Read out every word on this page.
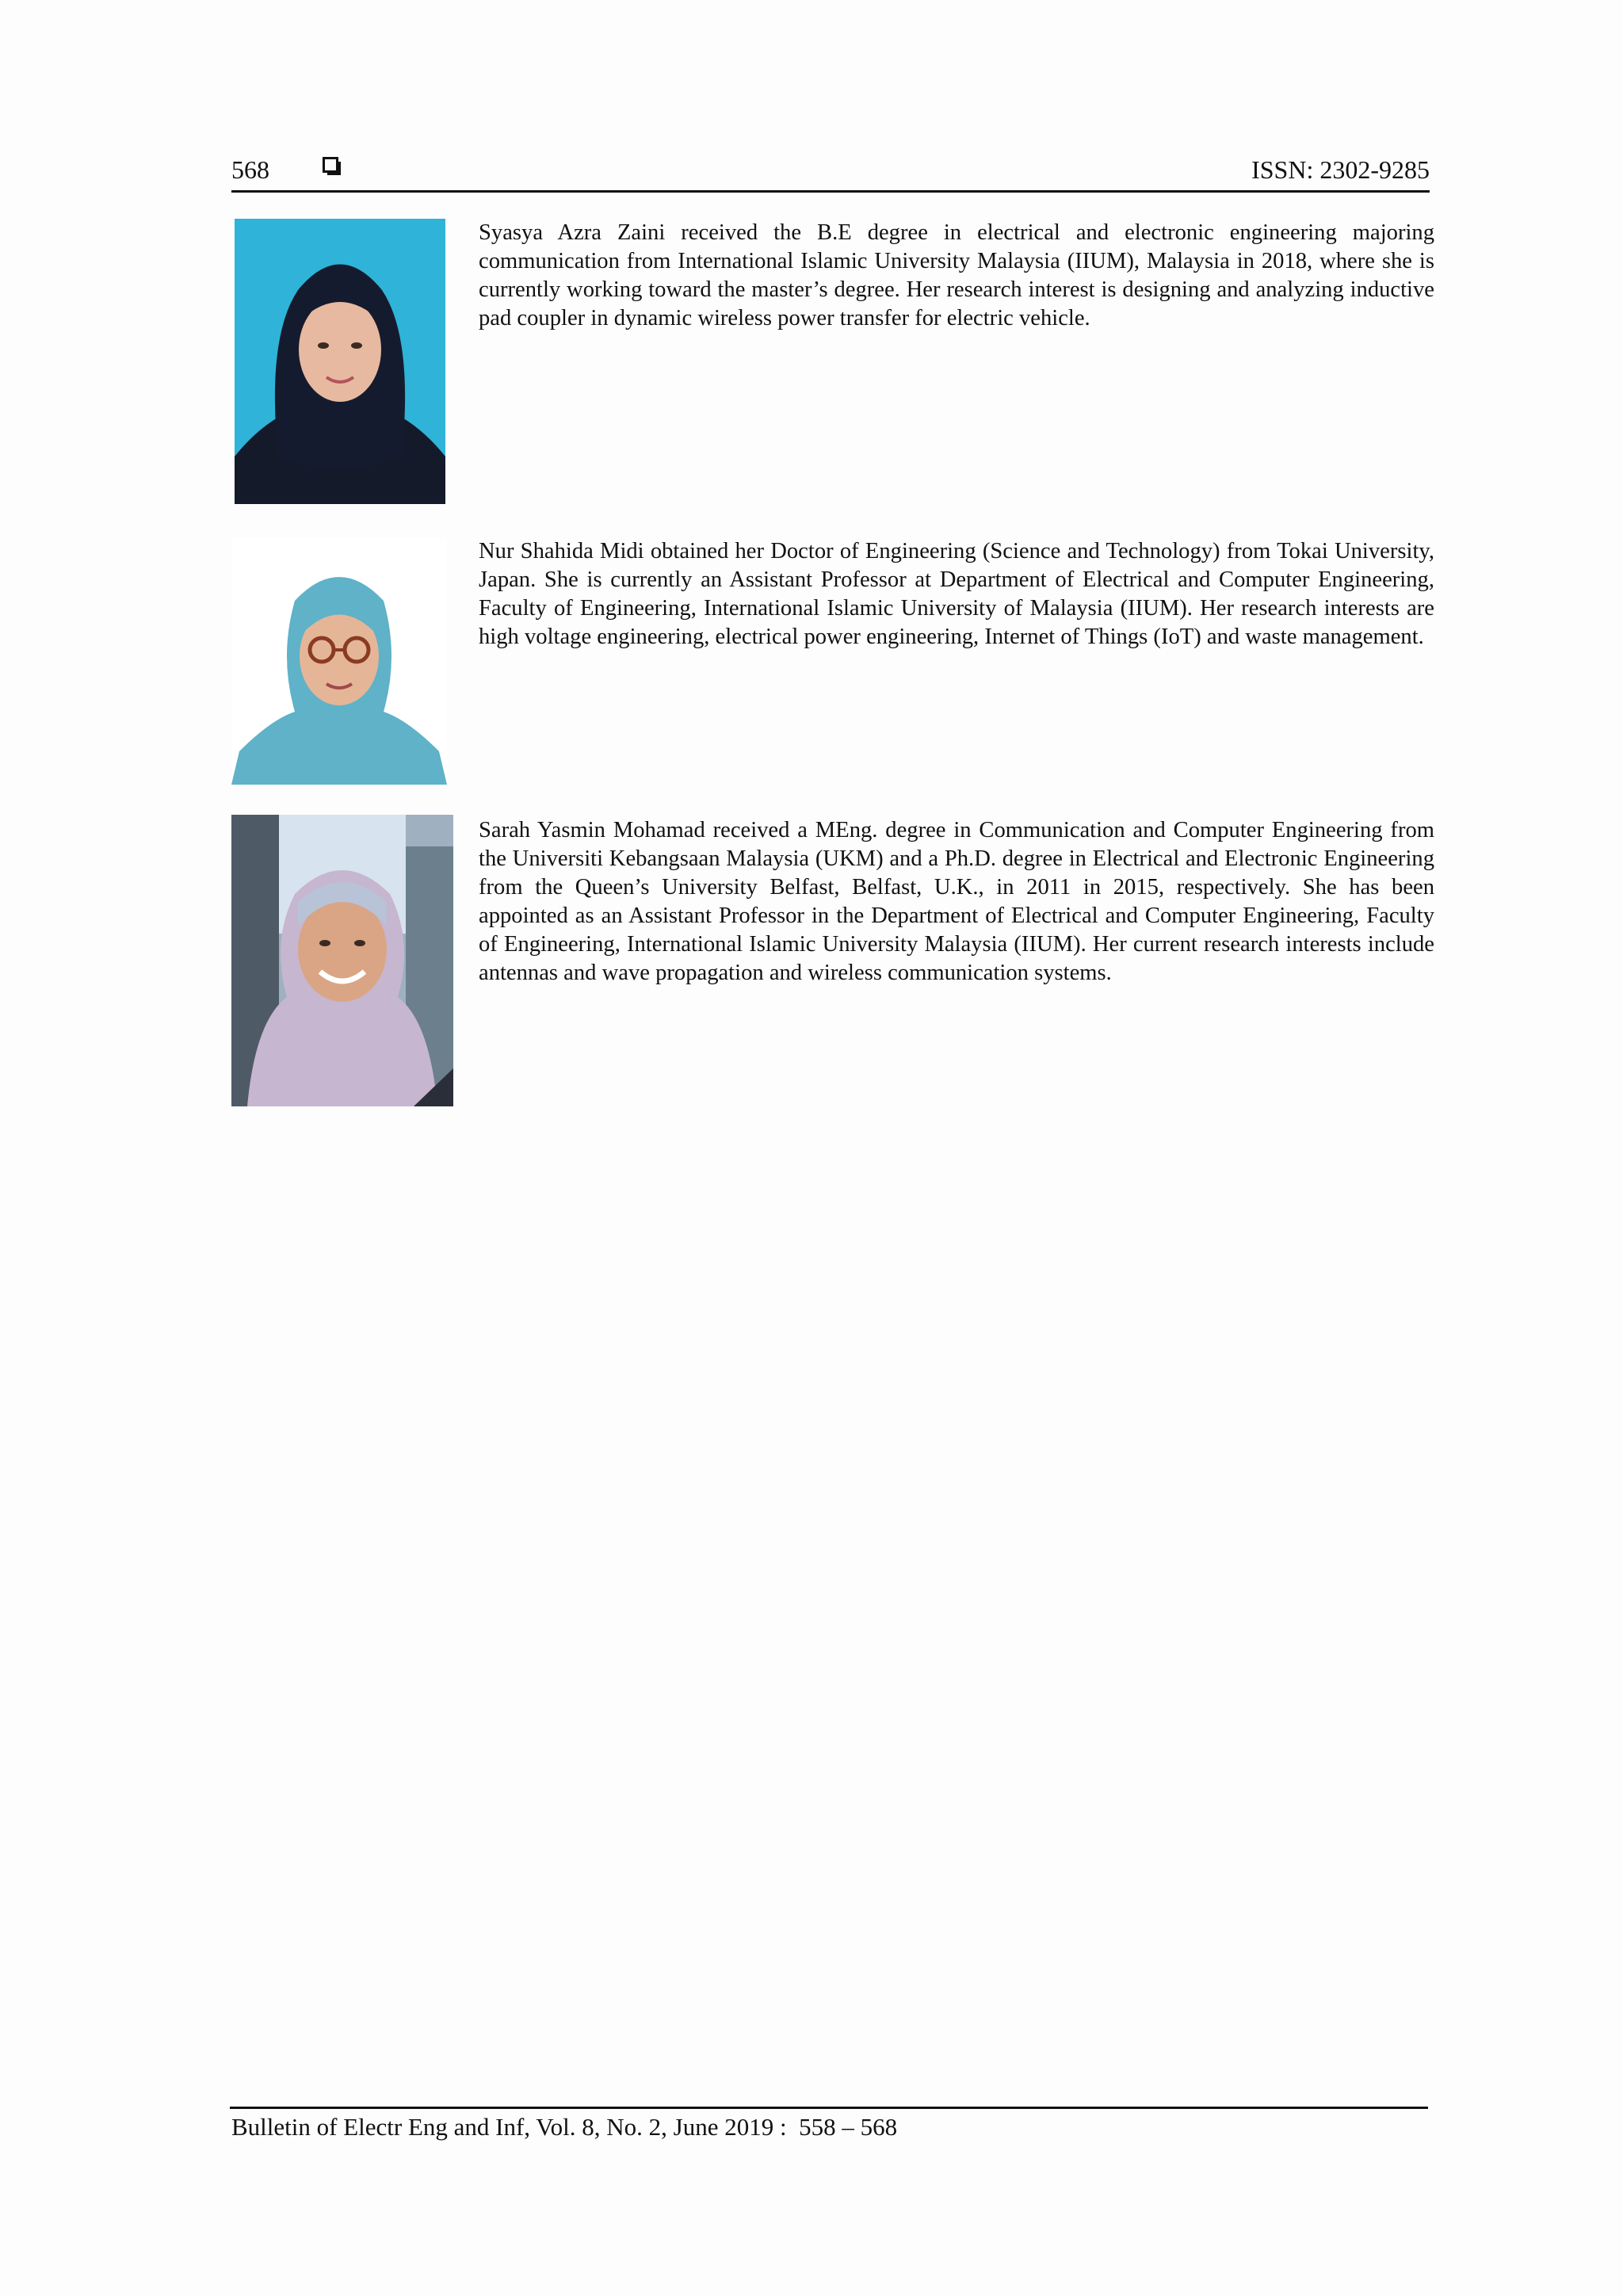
568	ISSN: 2302-9285

Syasya Azra Zaini received the B.E degree in electrical and electronic engineering majoring communication from International Islamic University Malaysia (IIUM), Malaysia in 2018, where she is currently working toward the master’s degree. Her research interest is designing and analyzing inductive pad coupler in dynamic wireless power transfer for electric vehicle.

Nur Shahida Midi obtained her Doctor of Engineering (Science and Technology) from Tokai University, Japan. She is currently an Assistant Professor at Department of Electrical and Computer Engineering, Faculty of Engineering, International Islamic University of Malaysia (IIUM). Her research interests are high voltage engineering, electrical power engineering, Internet of Things (IoT) and waste management.

Sarah Yasmin Mohamad received a MEng. degree in Communication and Computer Engineering from the Universiti Kebangsaan Malaysia (UKM) and a Ph.D. degree in Electrical and Electronic Engineering from the Queen’s University Belfast, Belfast, U.K., in 2011 in 2015, respectively. She has been appointed as an Assistant Professor in the Department of Electrical and Computer Engineering, Faculty of Engineering, International Islamic University Malaysia (IIUM). Her current research interests include antennas and wave propagation and wireless communication systems.

Bulletin of Electr Eng and Inf, Vol. 8, No. 2, June 2019 :  558 – 568
